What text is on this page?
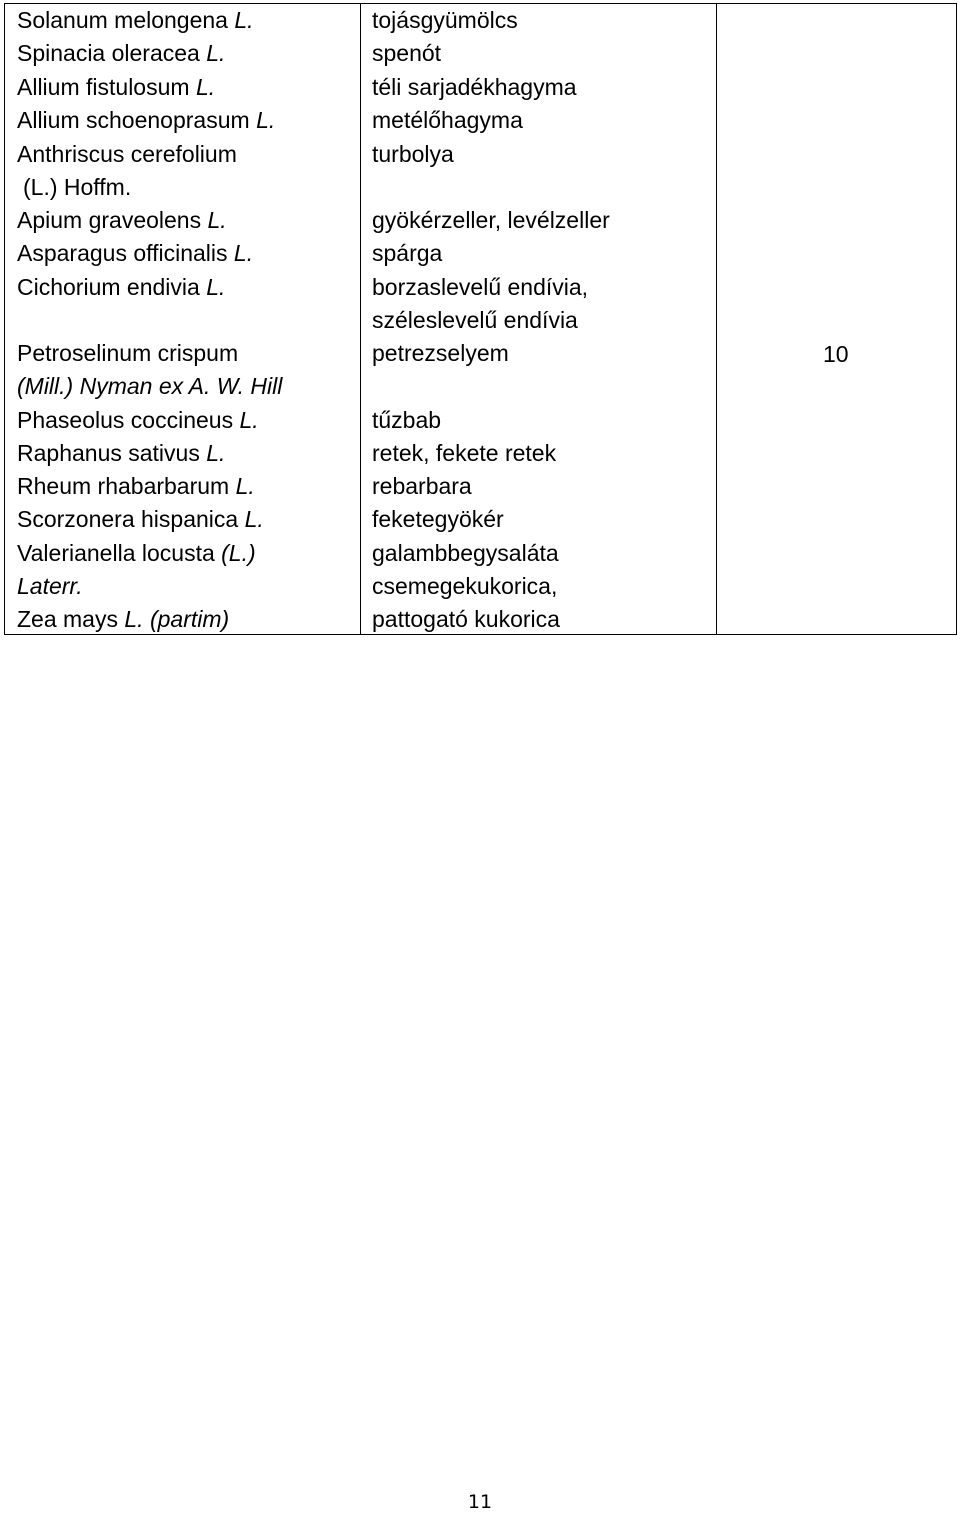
Solanum melongena L.
Spinacia oleracea L.
Allium fistulosum L.
Allium schoenoprasum L.
Anthriscus cerefolium
(L.) Hoffm.
Apium graveolens L.
Asparagus officinalis L.
Cichorium endivia L.
Petroselinum crispum
(Mill.) Nyman ex A. W. Hill
Phaseolus coccineus L.
Raphanus sativus L.
Rheum rhabarbarum L.
Scorzonera hispanica L.
Valerianella locusta (L.)
Laterr.
Zea mays L. (partim)
tojásgyümölcs
spenót
téli sarjadékhagyma
metélőhagyma
turbolya
gyökérzeller, levélzeller
spárga
borzaslevelű endívia,
széleslevelű endívia
petrezselyem
tűzbab
retek, fekete retek
rebarbara
feketegyökér
galambbegysaláta
csemegekukorica,
pattogató kukorica
10
11
